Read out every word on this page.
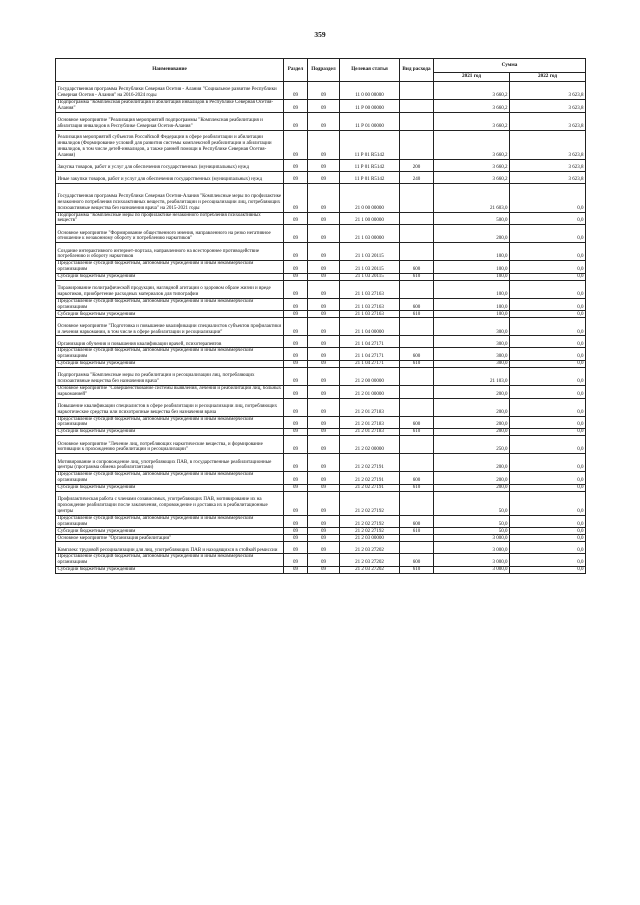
359
Наименование	Раздел	Подраздел	Целевая статья	Вид расхода	Сумма	
					2021 год	2022 год
Государственная программа Республики Северная Осетия - Алания "Социальное развитие Республики Северная Осетия - Алания" на 2016-2024 годы	09	09	11 0 00 00000		3 660,2	3 623,8
Подпрограмма "Комплексная реабилитация и абилитация инвалидов в Республике Северная Осетия-Алания"	09	09	11 Р 00 00000		3 660,2	3 623,8
Основное мероприятие "Реализация мероприятий подпрограммы "Комплексная реабилитация и абилитация инвалидов в Республике Северная Осетия-Алания"	09	09	11 Р 01 00000		3 660,2	3 623,8
Реализация мероприятий субъектов Российской Федерации в сфере реабилитации и абилитации инвалидов (Формирование условий для развития системы комплексной реабилитации и абилитации инвалидов, в том числе детей-инвалидов, а также ранней помощи в Республике Северная Осетия-Алания)	09	09	11 Р 01 R5142		3 660,2	3 623,8
Закупка товаров, работ и услуг для обеспечения государственных (муниципальных) нужд	09	09	11 Р 01 R5142	200	3 660,2	3 623,8
Иные закупки товаров, работ и услуг для обеспечения государственных (муниципальных) нужд	09	09	11 Р 01 R5142	240	3 660,2	3 623,8
Государственная программа Республики Северная Осетия-Алания "Комплексные меры по профилактике незаконного потребления психоактивных веществ, реабилитации и ресоциализации лиц, потребляющих психоактивные вещества без назначения врача" на 2015-2021 годы	09	09	21 0 00 00000		21 603,0	0,0
Подпрограмма "Комплексные меры по профилактике незаконного потребления психоактивных веществ"	09	09	21 1 00 00000		500,0	0,0
Основное мероприятие "Формирование общественного мнения, направленного на резко негативное отношение к незаконному обороту и потреблению наркотиков"	09	09	21 1 03 00000		200,0	0,0
Создание интерактивного интернет-портала, направленного на всестороннее противодействие потреблению и обороту наркотиков	09	09	21 1 03 20115		100,0	0,0
Предоставление субсидий бюджетным, автономным учреждениям и иным некоммерческим организациям	09	09	21 1 03 20115	600	100,0	0,0
Субсидии бюджетным учреждениям	09	09	21 1 03 20115	610	100,0	0,0
Тиражирование полиграфической продукции, наглядной агитации о здоровом образе жизни и вреде наркотиков, приобретение расходных материалов для типографии	09	09	21 1 03 27163		100,0	0,0
Предоставление субсидий бюджетным, автономным учреждениям и иным некоммерческим организациям	09	09	21 1 03 27163	600	100,0	0,0
Субсидии бюджетным учреждениям	09	09	21 1 03 27163	610	100,0	0,0
Основное мероприятие "Подготовка и повышение квалификации специалистов субъектов профилактики и лечения наркомании, в том числе в сфере реабилитации и ресоциализации"	09	09	21 1 04 00000		300,0	0,0
Организация обучения и повышения квалификации врачей, психотерапевтов	09	09	21 1 04 27171		300,0	0,0
Предоставление субсидий бюджетным, автономным учреждениям и иным некоммерческим организациям	09	09	21 1 04 27171	600	300,0	0,0
Субсидии бюджетным учреждениям	09	09	21 1 04 27171	610	300,0	0,0
Подпрограмма "Комплексные меры по реабилитации и ресоциализации лиц, потребляющих психоактивные вещества без назначения врача"	09	09	21 2 00 00000		21 103,0	0,0
Основное мероприятие "Совершенствование системы выявления, лечения и реабилитации лиц, больных наркоманией"	09	09	21 2 01 00000		200,0	0,0
Повышение квалификации специалистов в сфере реабилитации и ресоциализации лиц, потребляющих наркотические средства или психотропные вещества без назначения врача	09	09	21 2 01 27183		200,0	0,0
Предоставление субсидий бюджетным, автономным учреждениям и иным некоммерческим организациям	09	09	21 2 01 27183	600	200,0	0,0
Субсидии бюджетным учреждениям	09	09	21 2 01 27183	610	200,0	0,0
Основное мероприятие "Лечение лиц, потребляющих наркотические вещества, и формирование мотивации к прохождению реабилитации и ресоциализации"	09	09	21 2 02 00000		250,0	0,0
Мотивирование и сопровождение лиц, употребляющих ПАВ, в государственные реабилитационные центры (программа обмена реабилитантами)	09	09	21 2 02 27191		200,0	0,0
Предоставление субсидий бюджетным, автономным учреждениям и иным некоммерческим организациям	09	09	21 2 02 27191	600	200,0	0,0
Субсидии бюджетным учреждениям	09	09	21 2 02 27191	610	200,0	0,0
Профилактическая работа с членами созависимых, употребляющих ПАВ, мотивирование их на прохождение реабилитации после заключения, сопровождение и доставка их в реабилитационные центры	09	09	21 2 02 27192		50,0	0,0
Предоставление субсидий бюджетным, автономным учреждениям и иным некоммерческим организациям	09	09	21 2 02 27192	600	50,0	0,0
Субсидии бюджетным учреждениям	09	09	21 2 02 27192	610	50,0	0,0
Основное мероприятие "Организация реабилитации"	09	09	21 2 03 00000		3 000,0	0,0
Комплекс трудовой ресоциализации для лиц, употребляющих ПАВ и находящихся в стойкой ремиссии	09	09	21 2 03 27202		3 000,0	0,0
Предоставление субсидий бюджетным, автономным учреждениям и иным некоммерческим организациям	09	09	21 2 03 27202	600	3 000,0	0,0
Субсидии бюджетным учреждениям	09	09	21 2 03 27202	610	3 000,0	0,0
